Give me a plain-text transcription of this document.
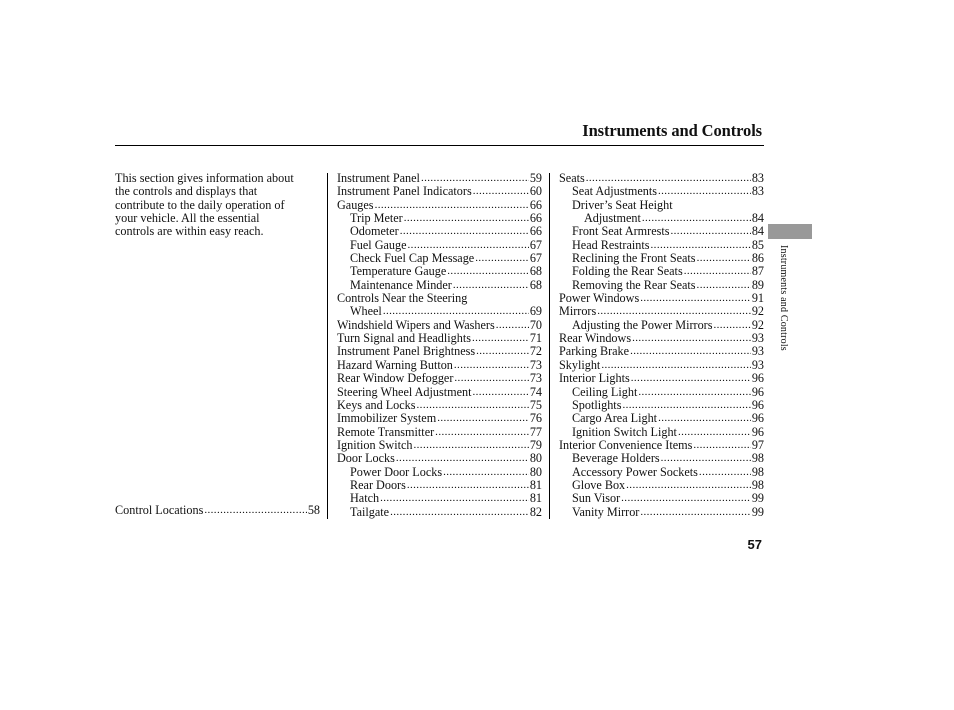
Instruments and Controls

This section gives information about

the controls and displays that

contribute to the daily operation of

your vehicle. All the essential

controls are within easy reach.

Control Locations .....	58
Instrument Panel .....	59
Instrument Panel Indicators .....	60
Gauges .....	66
Trip Meter .....	66
Odometer .....	66
Fuel Gauge .....	67
Check Fuel Cap Message .....	67
Temperature Gauge .....	68
Maintenance Minder .....	68
Controls Near the Steering
Wheel .....	69
Windshield Wipers and Washers .....	70
Turn Signal and Headlights .....	71
Instrument Panel Brightness .....	72
Hazard Warning Button .....	73
Rear Window Defogger .....	73
Steering Wheel Adjustment .....	74
Keys and Locks .....	75
Immobilizer System .....	76
Remote Transmitter .....	77
Ignition Switch .....	79
Door Locks .....	80
Power Door Locks .....	80
Rear Doors .....	81
Hatch .....	81
Tailgate .....	82
Seats .....	83
Seat Adjustments .....	83
Driver’s Seat Height
Adjustment .....	84
Front Seat Armrests .....	84
Head Restraints .....	85
Reclining the Front Seats .....	86
Folding the Rear Seats .....	87
Removing the Rear Seats .....	89
Power Windows .....	91
Mirrors .....	92
Adjusting the Power Mirrors .....	92
Rear Windows .....	93
Parking Brake .....	93
Skylight .....	93
Interior Lights .....	96
Ceiling Light .....	96
Spotlights .....	96
Cargo Area Light .....	96
Ignition Switch Light .....	96
Interior Convenience Items .....	97
Beverage Holders .....	98
Accessory Power Sockets .....	98
Glove Box .....	98
Sun Visor .....	99
Vanity Mirror .....	99
Instruments and Controls
57
